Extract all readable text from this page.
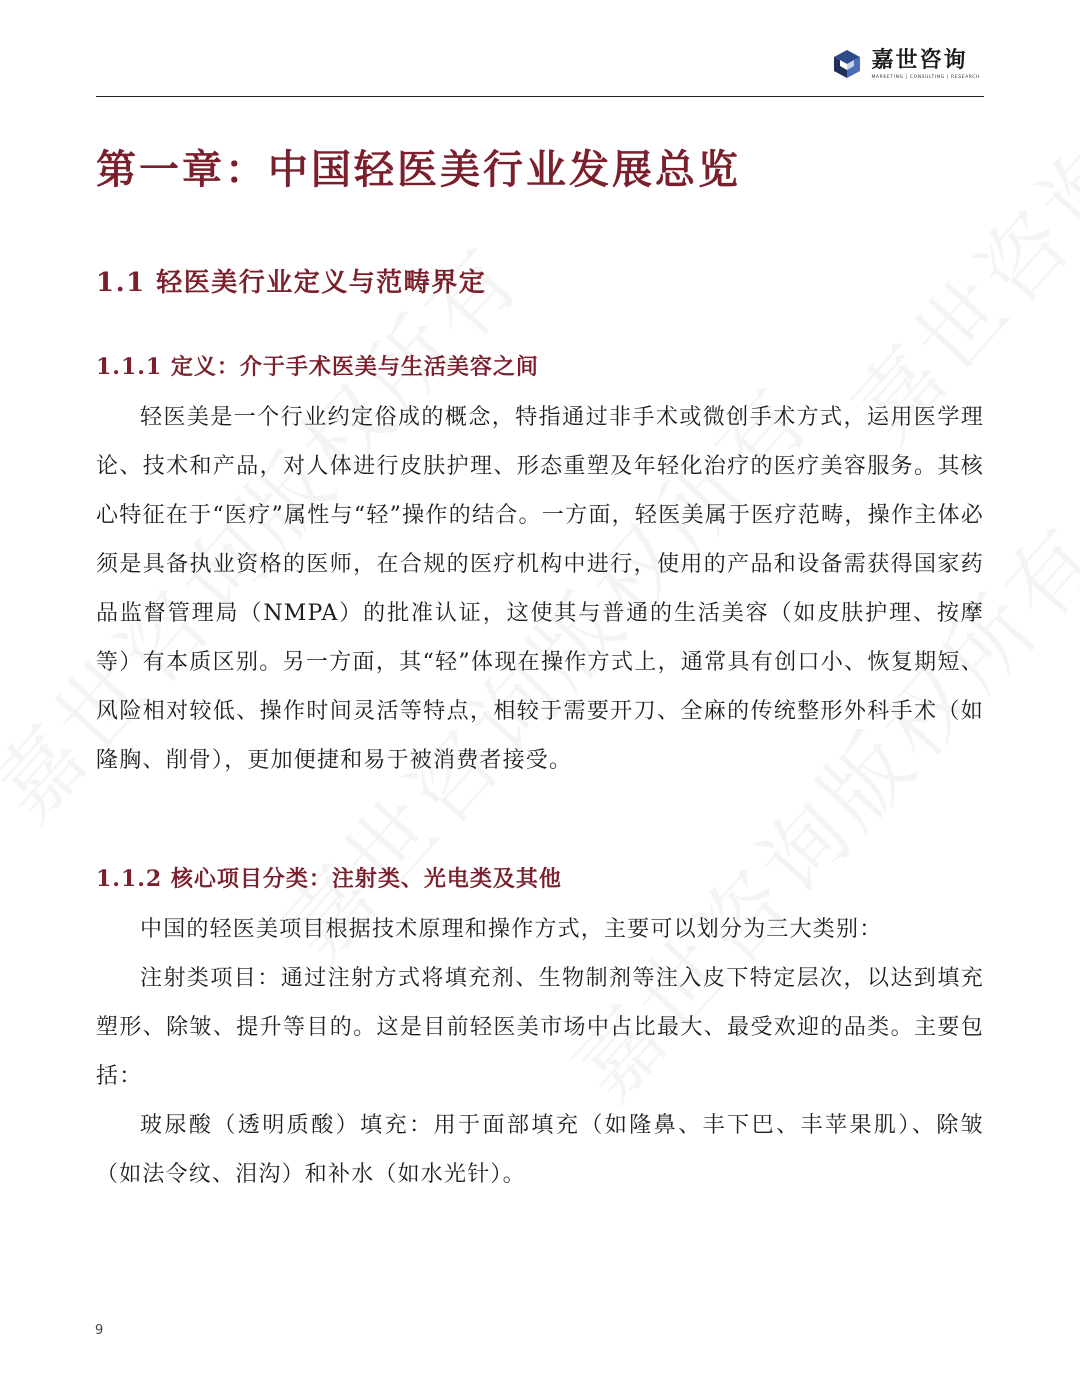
嘉世咨询
MARKETING | CONSULTING | RESEARCH
第一章：中国轻医美行业发展总览
1.1 轻医美行业定义与范畴界定
1.1.1 定义：介于手术医美与生活美容之间

轻医美是一个行业约定俗成的概念，特指通过非手术或微创手术方式，运用医学理论、技术和产品，对人体进行皮肤护理、形态重塑及年轻化治疗的医疗美容服务。其核心特征在于“医疗”属性与“轻”操作的结合。一方面，轻医美属于医疗范畴，操作主体必须是具备执业资格的医师，在合规的医疗机构中进行，使用的产品和设备需获得国家药品监督管理局（NMPA）的批准认证，这使其与普通的生活美容（如皮肤护理、按摩等）有本质区别。另一方面，其“轻”体现在操作方式上，通常具有创口小、恢复期短、风险相对较低、操作时间灵活等特点，相较于需要开刀、全麻的传统整形外科手术（如隆胸、削骨），更加便捷和易于被消费者接受。

1.1.2 核心项目分类：注射类、光电类及其他

中国的轻医美项目根据技术原理和操作方式，主要可以划分为三大类别：

注射类项目：通过注射方式将填充剂、生物制剂等注入皮下特定层次，以达到填充塑形、除皱、提升等目的。这是目前轻医美市场中占比最大、最受欢迎的品类。主要包括：

玻尿酸（透明质酸）填充：用于面部填充（如隆鼻、丰下巴、丰苹果肌）、除皱（如法令纹、泪沟）和补水（如水光针）。

9
